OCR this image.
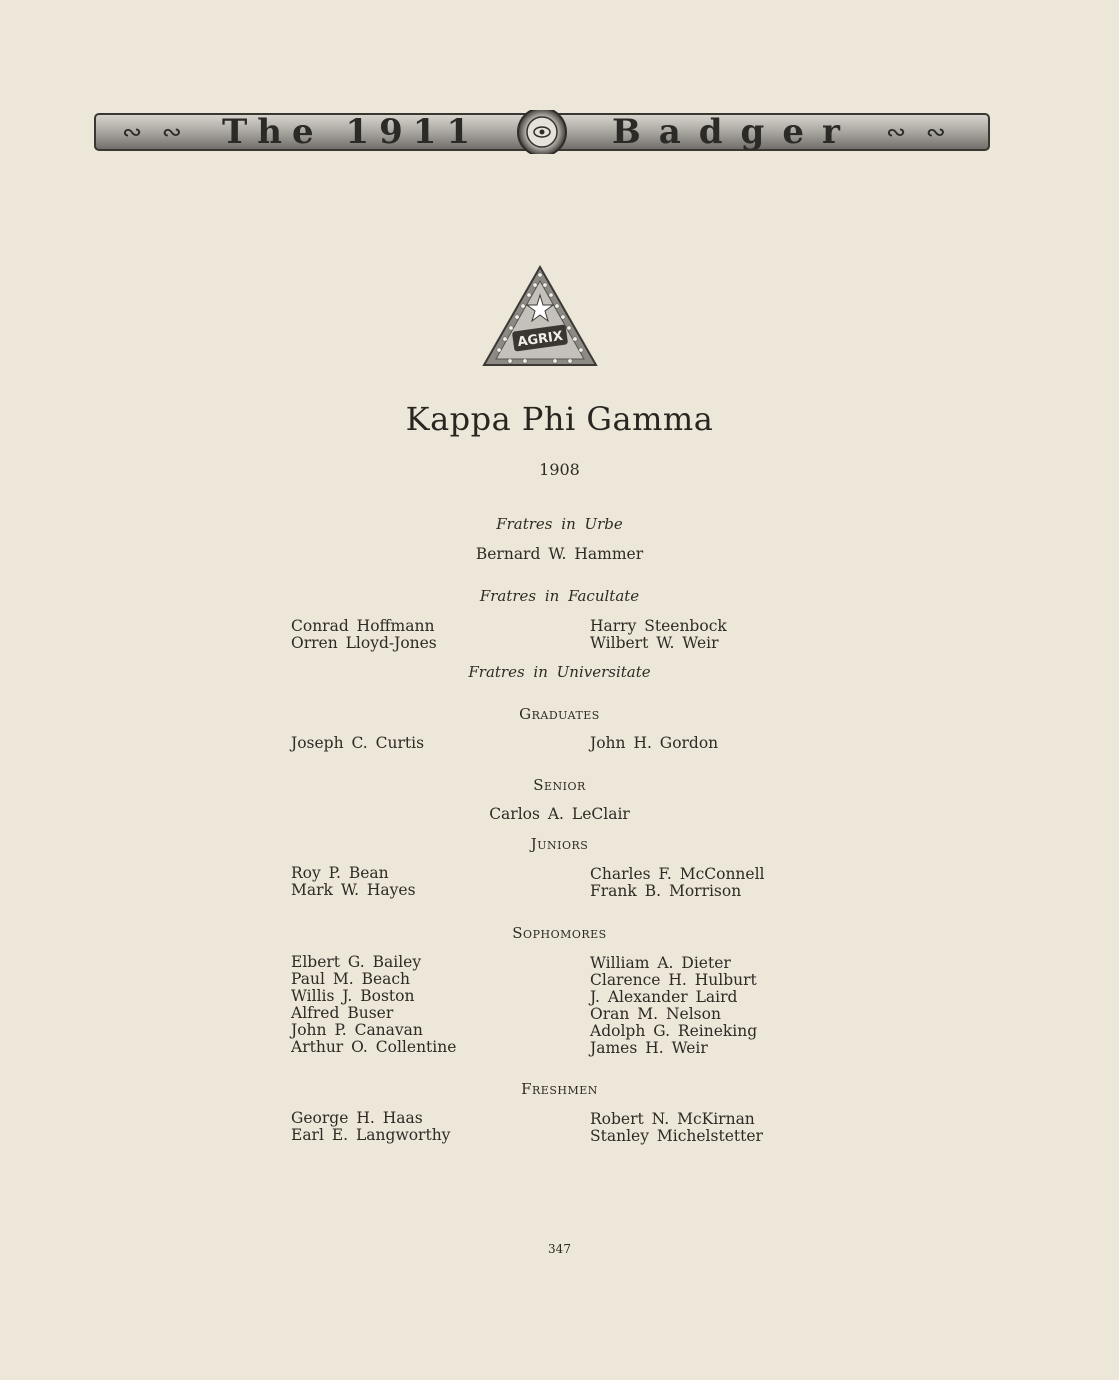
∾ ∾ The 1911	Badger ∾ ∾
AGRIX
Kappa Phi Gamma
1908
Fratres in Urbe
Bernard W. Hammer
Fratres in Facultate
Conrad Hoffmann
Orren Lloyd-Jones
Harry Steenbock
Wilbert W. Weir
Fratres in Universitate
Graduates
Joseph C. Curtis	John H. Gordon
Senior
Carlos A. LeClair
Juniors
Roy P. Bean
Mark W. Hayes
Charles F. McConnell
Frank B. Morrison
Sophomores
Elbert G. Bailey
Paul M. Beach
Willis J. Boston
Alfred Buser
John P. Canavan
Arthur O. Collentine
William A. Dieter
Clarence H. Hulburt
J. Alexander Laird
Oran M. Nelson
Adolph G. Reineking
James H. Weir
Freshmen
George H. Haas
Earl E. Langworthy
Robert N. McKirnan
Stanley Michelstetter
347
